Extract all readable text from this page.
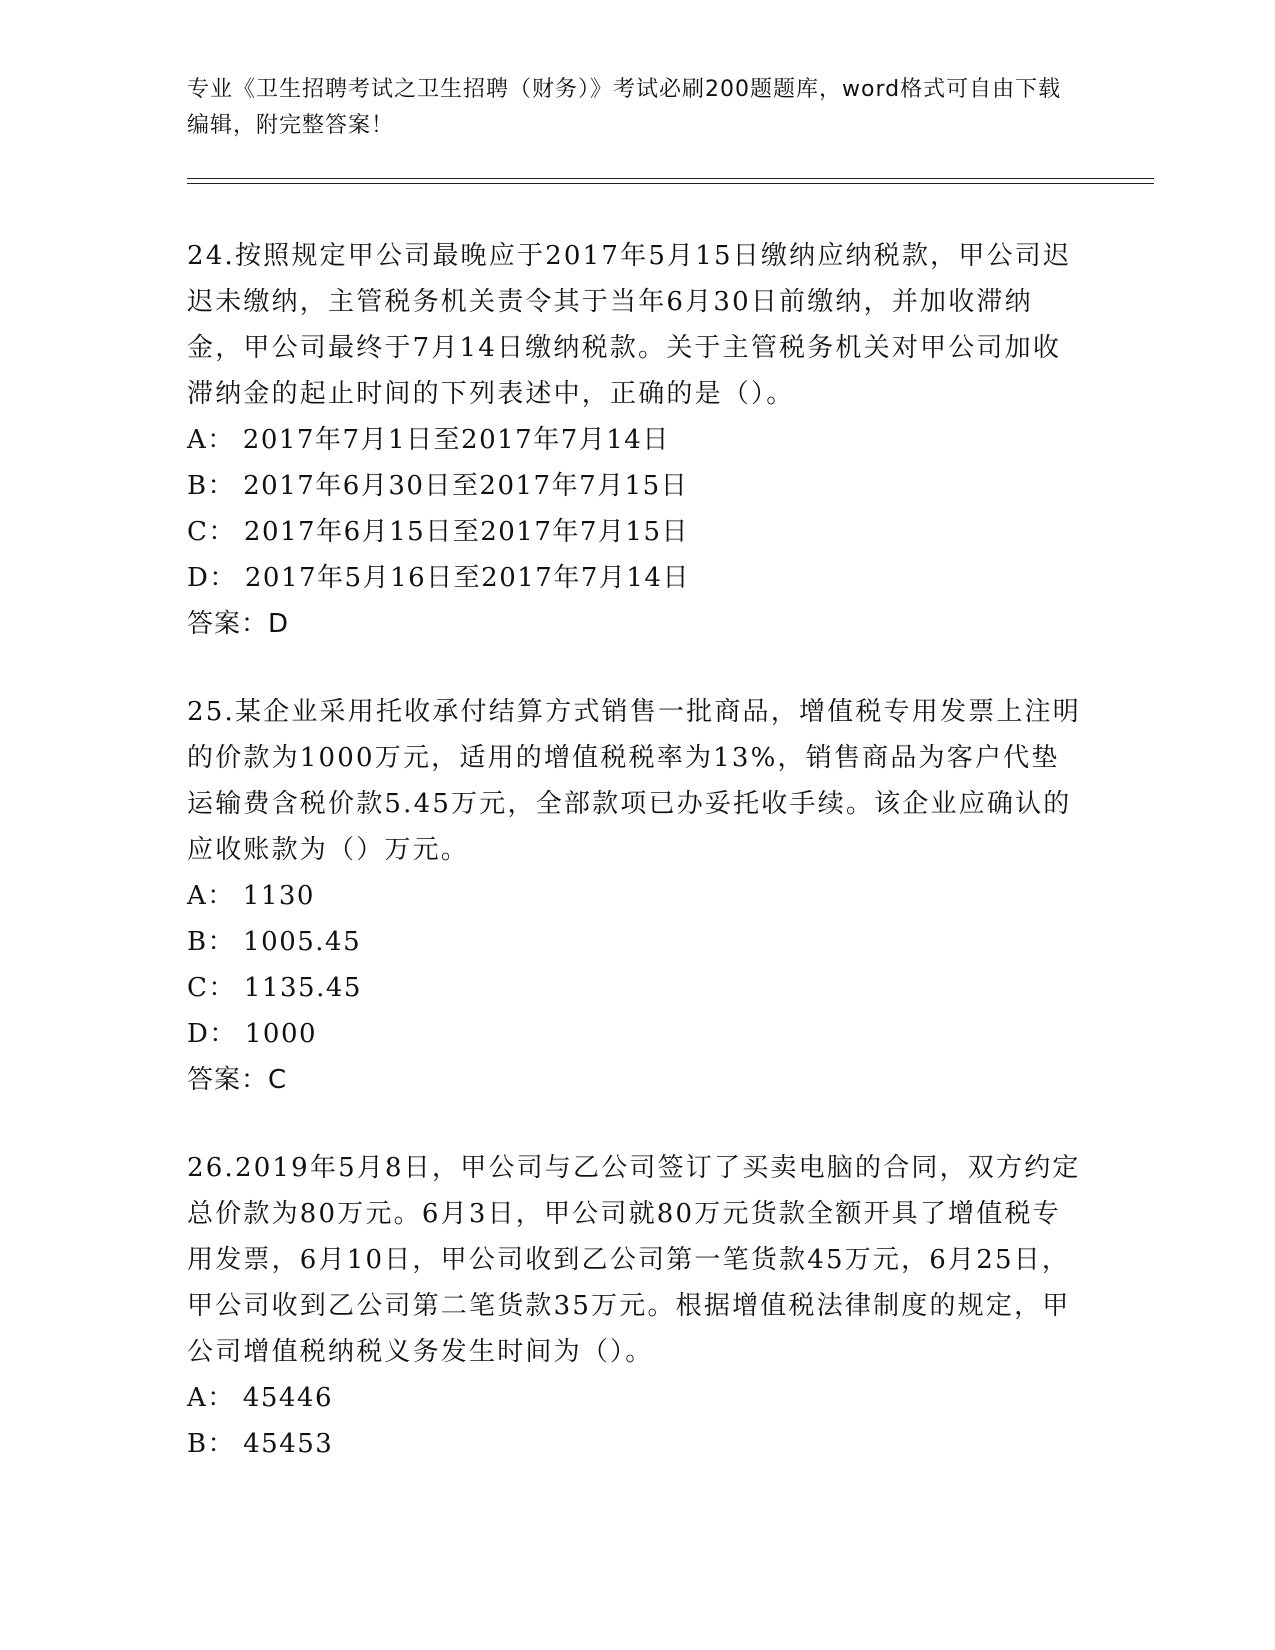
专业《卫生招聘考试之卫生招聘（财务）》考试必刷200题题库，word格式可自由下载编辑，附完整答案！

24.按照规定甲公司最晚应于2017年5月15日缴纳应纳税款，甲公司迟迟未缴纳，主管税务机关责令其于当年6月30日前缴纳，并加收滞纳金，甲公司最终于7月14日缴纳税款。关于主管税务机关对甲公司加收滞纳金的起止时间的下列表述中，正确的是（）。

A： 2017年7月1日至2017年7月14日

B： 2017年6月30日至2017年7月15日

C： 2017年6月15日至2017年7月15日

D： 2017年5月16日至2017年7月14日

答案：D

25.某企业采用托收承付结算方式销售一批商品，增值税专用发票上注明的价款为1000万元，适用的增值税税率为13%，销售商品为客户代垫运输费含税价款5.45万元，全部款项已办妥托收手续。该企业应确认的应收账款为（）万元。

A： 1130

B： 1005.45

C： 1135.45

D： 1000

答案：C

26.2019年5月8日，甲公司与乙公司签订了买卖电脑的合同，双方约定总价款为80万元。6月3日，甲公司就80万元货款全额开具了增值税专用发票，6月10日，甲公司收到乙公司第一笔货款45万元，6月25日，甲公司收到乙公司第二笔货款35万元。根据增值税法律制度的规定，甲公司增值税纳税义务发生时间为（）。

A： 45446

B： 45453
